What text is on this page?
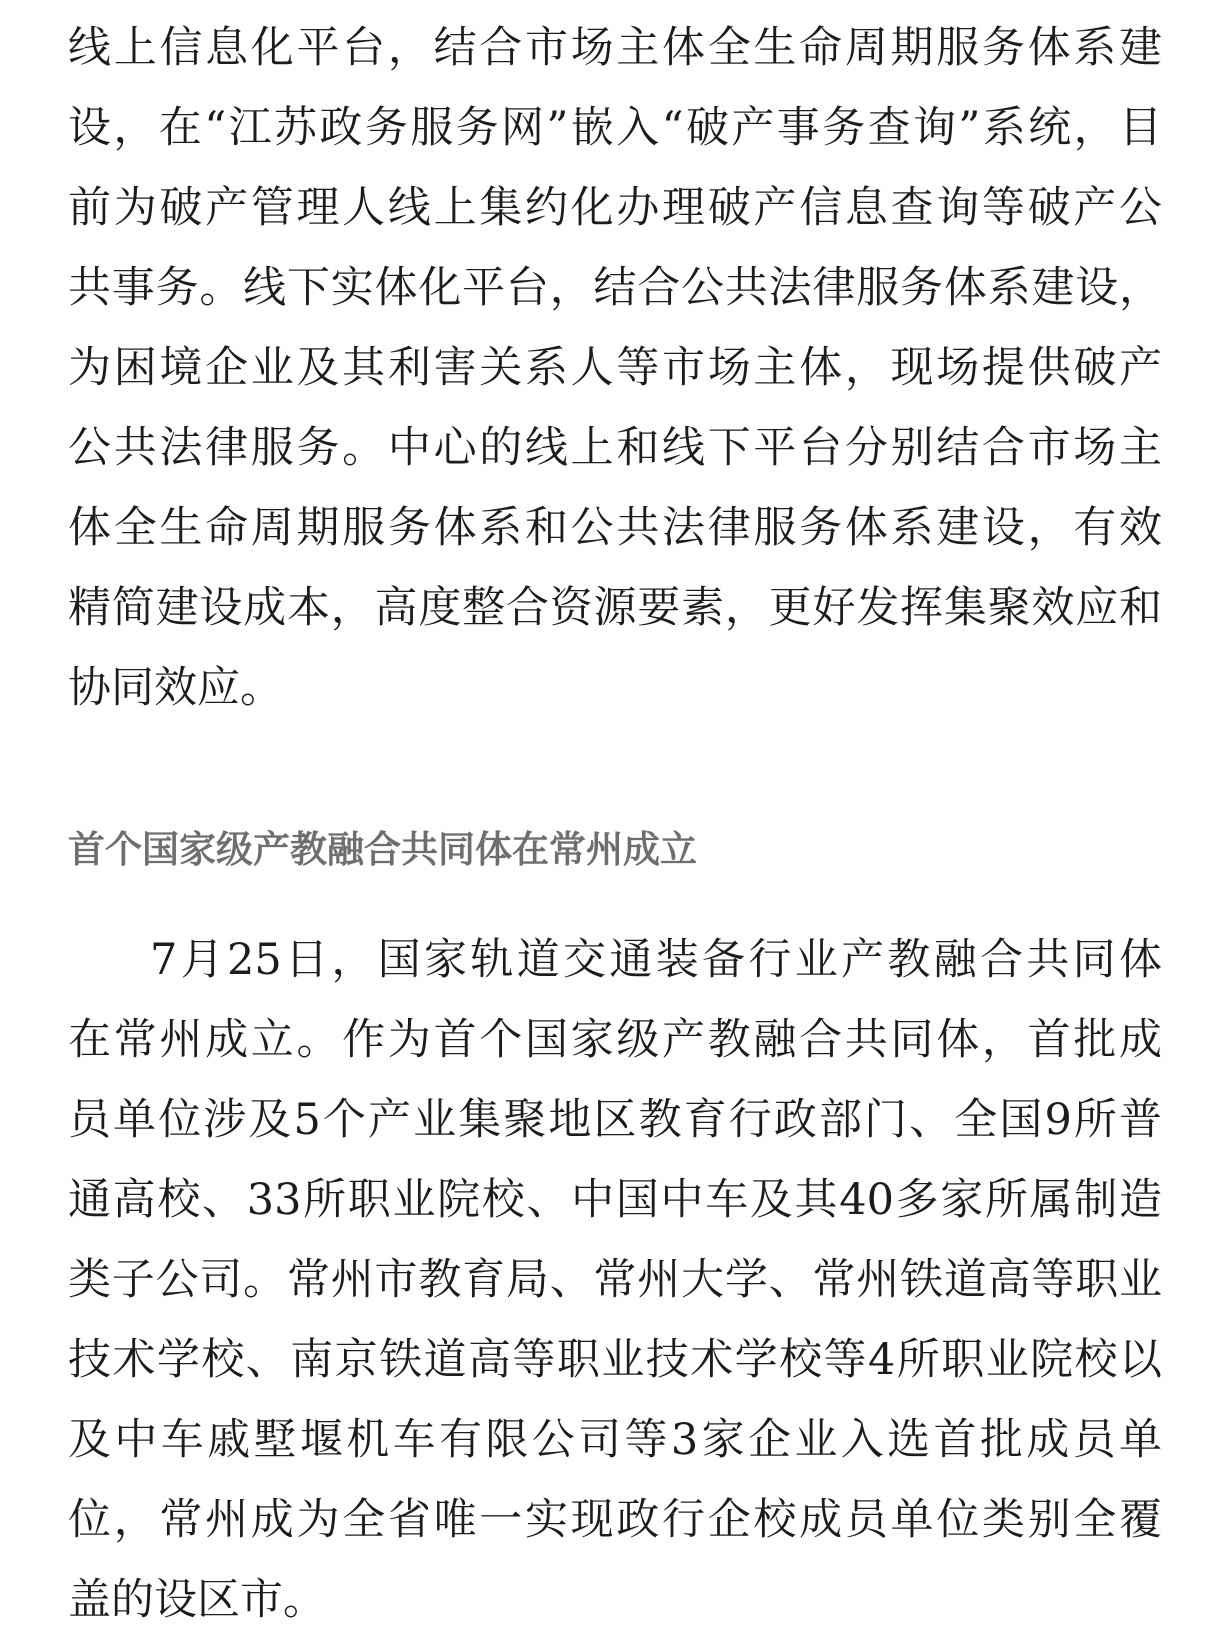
线上信息化平台，结合市场主体全生命周期服务体系建
设，在“江苏政务服务网”嵌入“破产事务查询”系统，目
前为破产管理人线上集约化办理破产信息查询等破产公
共事务。线下实体化平台，结合公共法律服务体系建设，
为困境企业及其利害关系人等市场主体，现场提供破产
公共法律服务。中心的线上和线下平台分别结合市场主
体全生命周期服务体系和公共法律服务体系建设，有效
精简建设成本，高度整合资源要素，更好发挥集聚效应和
协同效应。
首个国家级产教融合共同体在常州成立
7月25日，国家轨道交通装备行业产教融合共同体
在常州成立。作为首个国家级产教融合共同体，首批成
员单位涉及5个产业集聚地区教育行政部门、全国9所普
通高校、33所职业院校、中国中车及其40多家所属制造
类子公司。常州市教育局、常州大学、常州铁道高等职业
技术学校、南京铁道高等职业技术学校等4所职业院校以
及中车戚墅堰机车有限公司等3家企业入选首批成员单
位，常州成为全省唯一实现政行企校成员单位类别全覆
盖的设区市。
